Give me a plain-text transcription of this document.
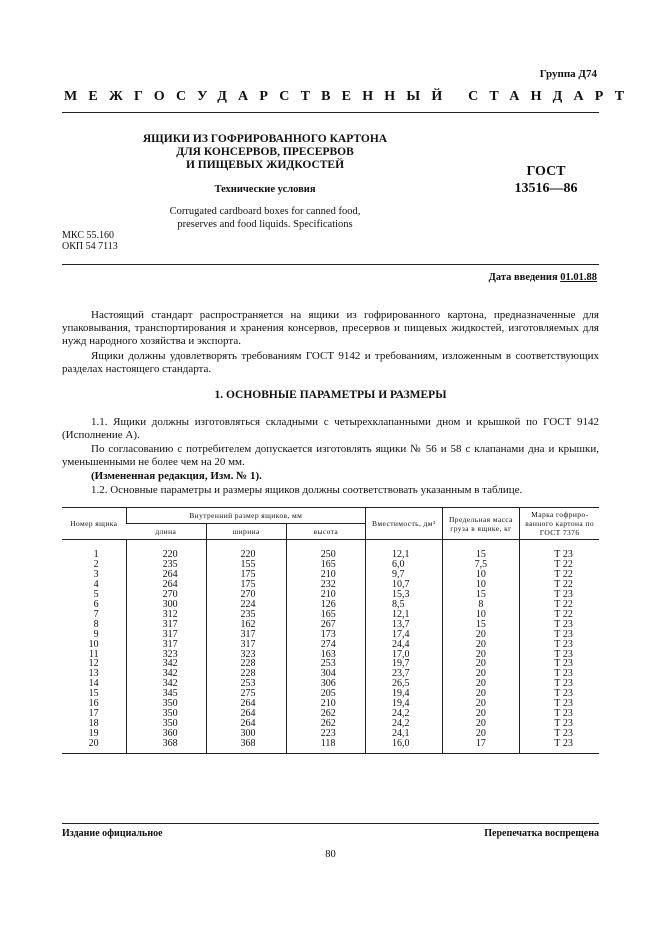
Группа Д74
МЕЖГОСУДАРСТВЕННЫЙ СТАНДАРТ
ЯЩИКИ ИЗ ГОФРИРОВАННОГО КАРТОНА
ДЛЯ КОНСЕРВОВ, ПРЕСЕРВОВ
И ПИЩЕВЫХ ЖИДКОСТЕЙ
Технические условия
Corrugated cardboard boxes for canned food,
preserves and food liquids. Specifications
ГОСТ
13516—86
МКС 55.160
ОКП 54 7113
Дата введения 01.01.88
Настоящий стандарт распространяется на ящики из гофрированного картона, предназначенные для упаковывания, транспортирования и хранения консервов, пресервов и пищевых жидкостей, изготовляемых для нужд народного хозяйства и экспорта.
Ящики должны удовлетворять требованиям ГОСТ 9142 и требованиям, изложенным в соответствующих разделах настоящего стандарта.
1. ОСНОВНЫЕ ПАРАМЕТРЫ И РАЗМЕРЫ
1.1. Ящики должны изготовляться складными с четырехклапанными дном и крышкой по ГОСТ 9142 (Исполнение А).
По согласованию с потребителем допускается изготовлять ящики № 56 и 58 с клапанами дна и крышки, уменьшенными не более чем на 20 мм.
(Измененная редакция, Изм. № 1).
1.2. Основные параметры и размеры ящиков должны соответствовать указанным в таблице.
Номер ящика	Внутренний размер ящиков, мм			Вместимость, дм³	Предельная масса груза в ящике, кг	Марка гофрированного картона по ГОСТ 7376
	длина	ширина	высота			
1	220	220	250	12,1	15	Т 23
2	235	155	165	6,0	7,5	Т 22
3	264	175	210	9,7	10	Т 22
4	264	175	232	10,7	10	Т 22
5	270	270	210	15,3	15	Т 23
6	300	224	126	8,5	8	Т 22
7	312	235	165	12,1	10	Т 22
8	317	162	267	13,7	15	Т 23
9	317	317	173	17,4	20	Т 23
10	317	317	274	24,4	20	Т 23
11	323	323	163	17,0	20	Т 23
12	342	228	253	19,7	20	Т 23
13	342	228	304	23,7	20	Т 23
14	342	253	306	26,5	20	Т 23
15	345	275	205	19,4	20	Т 23
16	350	264	210	19,4	20	Т 23
17	350	264	262	24,2	20	Т 23
18	350	264	262	24,2	20	Т 23
19	360	300	223	24,1	20	Т 23
20	368	368	118	16,0	17	Т 23
Издание официальное	Перепечатка воспрещена
80
